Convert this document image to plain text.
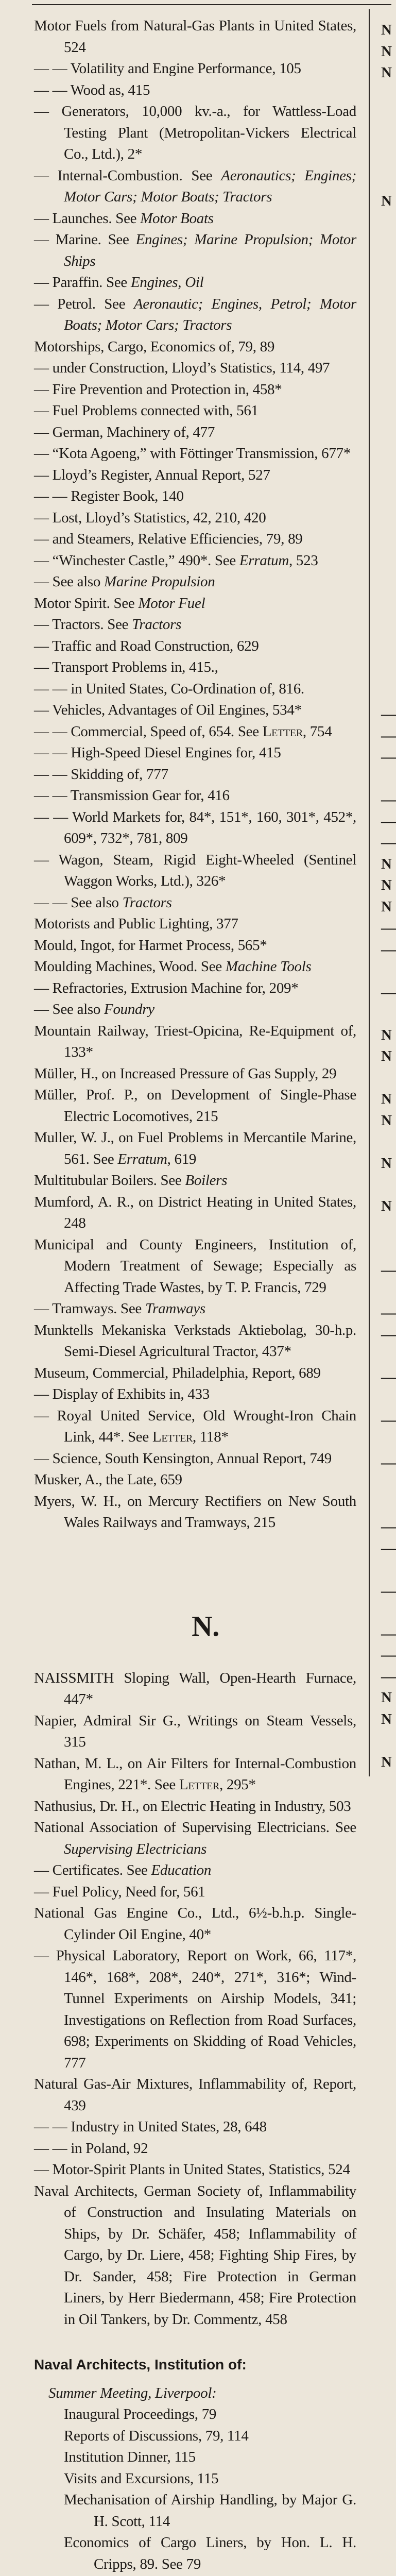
Motor Fuels from Natural-Gas Plants in United States, 524
— — Volatility and Engine Performance, 105
— — Wood as, 415
— Generators, 10,000 kv.-a., for Wattless-Load Testing Plant (Metropolitan-Vickers Electrical Co., Ltd.), 2*
— Internal-Combustion. See Aeronautics; Engines; Motor Cars; Motor Boats; Tractors
— Launches. See Motor Boats
— Marine. See Engines; Marine Propulsion; Motor Ships
— Paraffin. See Engines, Oil
— Petrol. See Aeronautic; Engines, Petrol; Motor Boats; Motor Cars; Tractors
Motorships, Cargo, Economics of, 79, 89
— under Construction, Lloyd’s Statistics, 114, 497
— Fire Prevention and Protection in, 458*
— Fuel Problems connected with, 561
— German, Machinery of, 477
— “Kota Agoeng,” with Föttinger Transmission, 677*
— Lloyd’s Register, Annual Report, 527
— — Register Book, 140
— Lost, Lloyd’s Statistics, 42, 210, 420
— and Steamers, Relative Efficiencies, 79, 89
— “Winchester Castle,” 490*. See Erratum, 523
— See also Marine Propulsion
Motor Spirit. See Motor Fuel
— Tractors. See Tractors
— Traffic and Road Construction, 629
— Transport Problems in, 415.,
— — in United States, Co-Ordination of, 816.
— Vehicles, Advantages of Oil Engines, 534*
— — Commercial, Speed of, 654. See Letter, 754
— — High-Speed Diesel Engines for, 415
— — Skidding of, 777
— — Transmission Gear for, 416
— — World Markets for, 84*, 151*, 160, 301*, 452*, 609*, 732*, 781, 809
— Wagon, Steam, Rigid Eight-Wheeled (Sentinel Waggon Works, Ltd.), 326*
— — See also Tractors
Motorists and Public Lighting, 377
Mould, Ingot, for Harmet Process, 565*
Moulding Machines, Wood. See Machine Tools
— Refractories, Extrusion Machine for, 209*
— See also Foundry
Mountain Railway, Triest-Opicina, Re-Equipment of, 133*
Müller, H., on Increased Pressure of Gas Supply, 29
Müller, Prof. P., on Development of Single-Phase Electric Locomotives, 215
Muller, W. J., on Fuel Problems in Mercantile Marine, 561. See Erratum, 619
Multitubular Boilers. See Boilers
Mumford, A. R., on District Heating in United States, 248
Municipal and County Engineers, Institution of, Modern Treatment of Sewage; Especially as Affecting Trade Wastes, by T. P. Francis, 729
— Tramways. See Tramways
Munktells Mekaniska Verkstads Aktiebolag, 30-h.p. Semi-Diesel Agricultural Tractor, 437*
Museum, Commercial, Philadelphia, Report, 689
— Display of Exhibits in, 433
— Royal United Service, Old Wrought-Iron Chain Link, 44*. See Letter, 118*
— Science, South Kensington, Annual Report, 749
Musker, A., the Late, 659
Myers, W. H., on Mercury Rectifiers on New South Wales Railways and Tramways, 215
N.
NAISSMITH Sloping Wall, Open-Hearth Furnace, 447*
Napier, Admiral Sir G., Writings on Steam Vessels, 315
Nathan, M. L., on Air Filters for Internal-Combustion Engines, 221*. See Letter, 295*
Nathusius, Dr. H., on Electric Heating in Industry, 503
National Association of Supervising Electricians. See Supervising Electricians
— Certificates. See Education
— Fuel Policy, Need for, 561
National Gas Engine Co., Ltd., 6½-b.h.p. Single-Cylinder Oil Engine, 40*
— Physical Laboratory, Report on Work, 66, 117*, 146*, 168*, 208*, 240*, 271*, 316*; Wind-Tunnel Experiments on Airship Models, 341; Investigations on Reflection from Road Surfaces, 698; Experiments on Skidding of Road Vehicles, 777
Natural Gas-Air Mixtures, Inflammability of, Report, 439
— — Industry in United States, 28, 648
— — in Poland, 92
— Motor-Spirit Plants in United States, Statistics, 524
Naval Architects, German Society of, Inflammability of Construction and Insulating Materials on Ships, by Dr. Schäfer, 458; Inflammability of Cargo, by Dr. Liere, 458; Fighting Ship Fires, by Dr. Sander, 458; Fire Protection in German Liners, by Herr Biedermann, 458; Fire Protection in Oil Tankers, by Dr. Commentz, 458
Naval Architects, Institution of:
Summer Meeting, Liverpool:
Inaugural Proceedings, 79
Reports of Discussions, 79, 114
Institution Dinner, 115
Visits and Excursions, 115
Mechanisation of Airship Handling, by Major G. H. Scott, 114
Economics of Cargo Liners, by Hon. L. H. Cripps, 89. See 79
N
N
N
N
—
—
—
—
—
—
N
N
N
—
—
—
N
N
N
N
N
N
—
—
—
—
—
—
—
—
—
—
—
—
N
N
N
